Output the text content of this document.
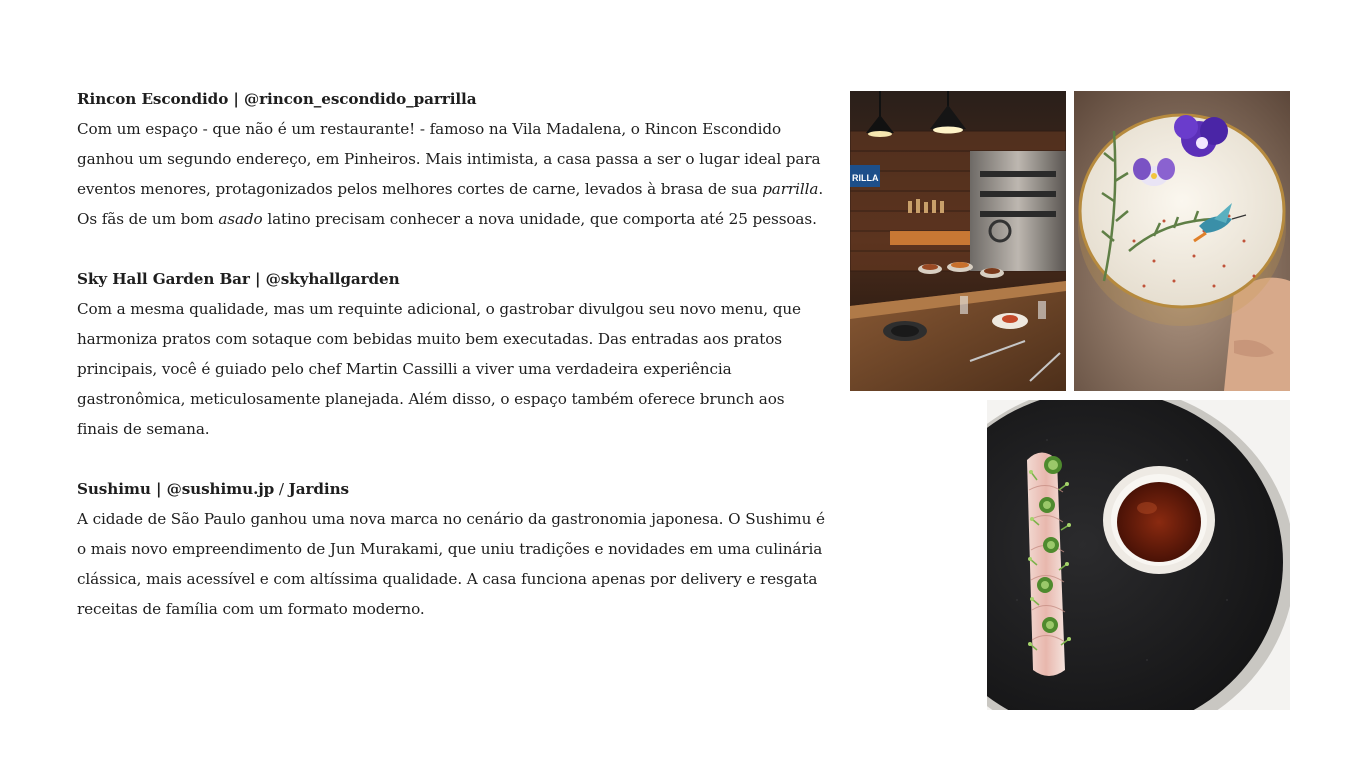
Rincon Escondido | @rincon_escondido_parrilla

Com um espaço - que não é um restaurante! - famoso na Vila Madalena, o Rincon Escondido ganhou um segundo endereço, em Pinheiros. Mais intimista, a casa passa a ser o lugar ideal para eventos menores, protagonizados pelos melhores cortes de carne, levados à brasa de sua parrilla. Os fãs de um bom asado latino precisam conhecer a nova unidade, que comporta até 25 pessoas.

Sky Hall Garden Bar | @skyhallgarden

Com a mesma qualidade, mas um requinte adicional, o gastrobar divulgou seu novo menu, que harmoniza pratos com sotaque com bebidas muito bem executadas. Das entradas aos pratos principais, você é guiado pelo chef Martin Cassilli a viver uma verdadeira experiência gastronômica, meticulosamente planejada. Além disso, o espaço também oferece brunch aos finais de semana.

Sushimu | @sushimu.jp / Jardins

A cidade de São Paulo ganhou uma nova marca no cenário da gastronomia japonesa. O Sushimu é o mais novo empreendimento de Jun Murakami, que uniu tradições e novidades em uma culinária clássica, mais acessível e com altíssima qualidade. A casa funciona apenas por delivery e resgata receitas de família com um formato moderno.

RILLA
